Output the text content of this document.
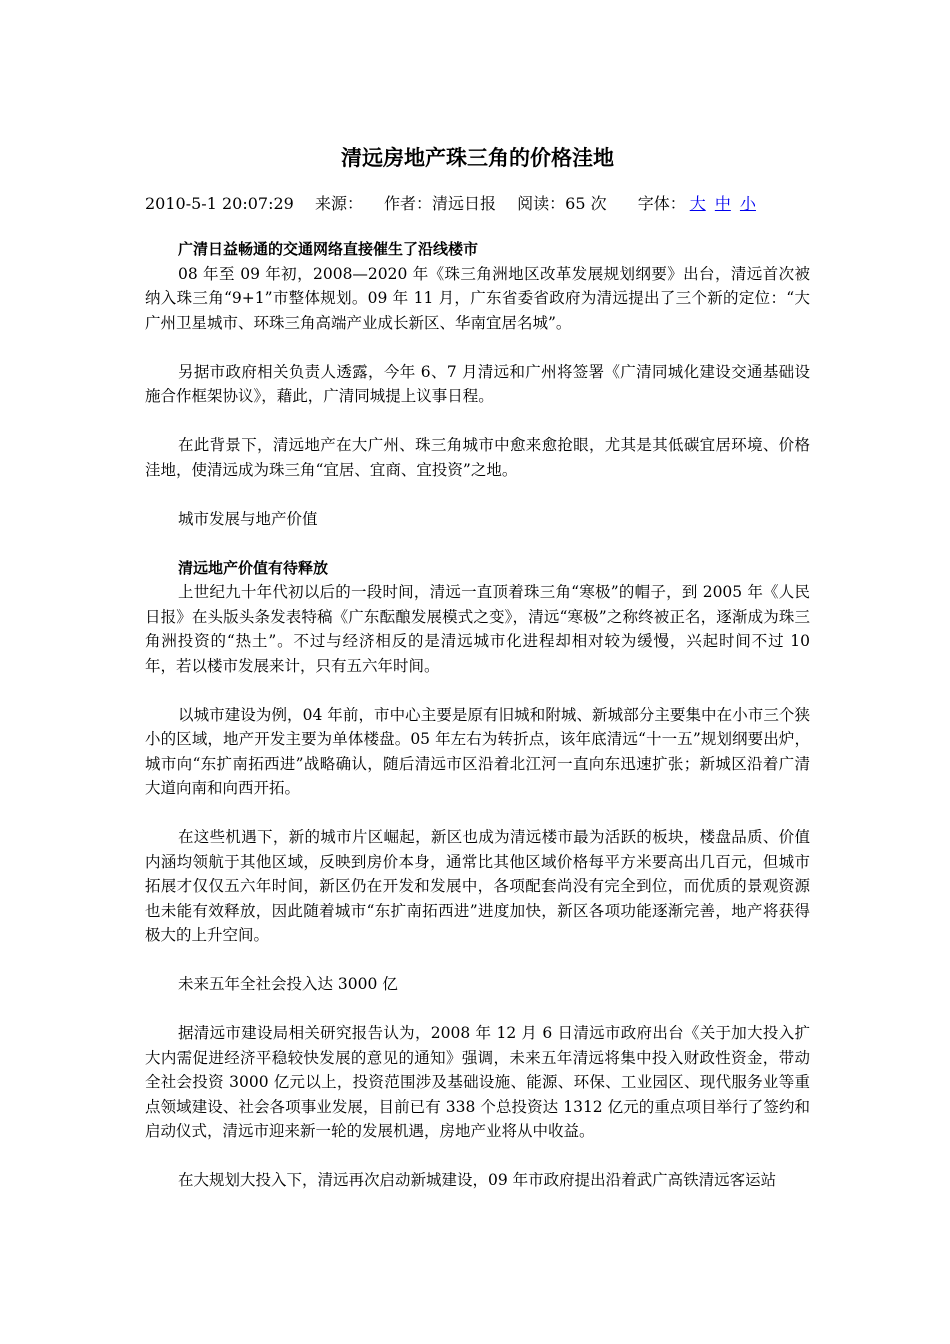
清远房地产珠三角的价格洼地
2010-5-1 20:07:29 来源： 作者：清远日报 阅读：65 次 字体： 大 中 小

广清日益畅通的交通网络直接催生了沿线楼市

08 年至 09 年初，2008—2020 年《珠三角洲地区改革发展规划纲要》出台，清远首次被纳入珠三角“9+1”市整体规划。09 年 11 月，广东省委省政府为清远提出了三个新的定位：“大广州卫星城市、环珠三角高端产业成长新区、华南宜居名城”。

另据市政府相关负责人透露，今年 6、7 月清远和广州将签署《广清同城化建设交通基础设施合作框架协议》，藉此，广清同城提上议事日程。

在此背景下，清远地产在大广州、珠三角城市中愈来愈抢眼，尤其是其低碳宜居环境、价格洼地，使清远成为珠三角“宜居、宜商、宜投资”之地。

城市发展与地产价值

清远地产价值有待释放

上世纪九十年代初以后的一段时间，清远一直顶着珠三角“寒极”的帽子，到 2005 年《人民日报》在头版头条发表特稿《广东酝酿发展模式之变》，清远“寒极”之称终被正名，逐渐成为珠三角洲投资的“热土”。不过与经济相反的是清远城市化进程却相对较为缓慢，兴起时间不过 10 年，若以楼市发展来计，只有五六年时间。

以城市建设为例，04 年前，市中心主要是原有旧城和附城、新城部分主要集中在小市三个狭小的区域，地产开发主要为单体楼盘。05 年左右为转折点，该年底清远“十一五”规划纲要出炉，城市向“东扩南拓西进”战略确认，随后清远市区沿着北江河一直向东迅速扩张；新城区沿着广清大道向南和向西开拓。

在这些机遇下，新的城市片区崛起，新区也成为清远楼市最为活跃的板块，楼盘品质、价值内涵均领航于其他区域，反映到房价本身，通常比其他区域价格每平方米要高出几百元，但城市拓展才仅仅五六年时间，新区仍在开发和发展中，各项配套尚没有完全到位，而优质的景观资源也未能有效释放，因此随着城市“东扩南拓西进”进度加快，新区各项功能逐渐完善，地产将获得极大的上升空间。

未来五年全社会投入达 3000 亿

据清远市建设局相关研究报告认为，2008 年 12 月 6 日清远市政府出台《关于加大投入扩大内需促进经济平稳较快发展的意见的通知》强调，未来五年清远将集中投入财政性资金，带动全社会投资 3000 亿元以上，投资范围涉及基础设施、能源、环保、工业园区、现代服务业等重点领域建设、社会各项事业发展，目前已有 338 个总投资达 1312 亿元的重点项目举行了签约和启动仪式，清远市迎来新一轮的发展机遇，房地产业将从中收益。

在大规划大投入下，清远再次启动新城建设，09 年市政府提出沿着武广高铁清远客运站
